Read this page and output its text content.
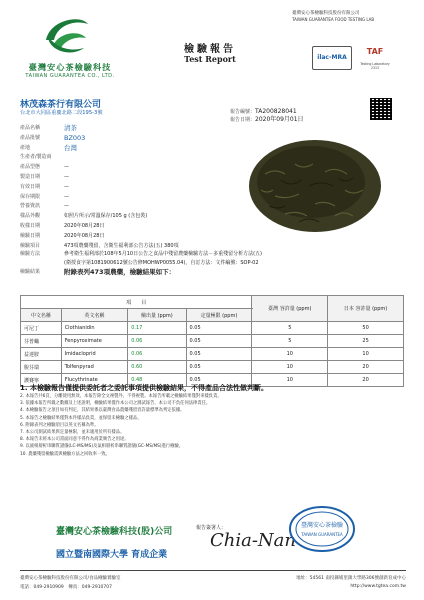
臺灣安心茶檢驗科技
TAIWAN GUARANTEA CO., LTD.
檢驗報告
Test Report
臺灣安心茶檢驗科技股份有限公司
TAIWAN GUARANTEA FOOD TESTING LAB
ilac-MRA
TAF
Testing Laboratory 2313
林茂森茶行有限公司
台北市大同區重慶北路二段195-3號	報告編號：TA200828041
報告日期：2020年09月01日
頁　　次：1/6
產品名稱	清茶
產品批號	BZ003
產地	台灣
生產者/製造商
產品型態	—
製造日期	—
有效日期	—
保存期限	—
營養資訊	—
樣品外觀	如照片所示/常溫保存/105 g (含包裝)
收樣日期	2020年08月28日
檢驗日期	2020年08月28日
檢驗項目	473項農藥殘留，含衛生福利部公告方法(五) 380項
檢驗方法	參考衛生福利部於108年5月10日公告之食品中殘留農藥檢驗方法－多重殘留分析方法(五)
(衛授食字第1081900612號公告修MOHWP0055.04)，自訂方法：文件編號：SOP-02
檢驗結果	附錄表列473項農藥，檢驗結果如下：
項　　目				臺灣 容許量 (ppm)	日本 容許量 (ppm)
中文名稱	英文名稱	檢出量 (ppm)	定量極限 (ppm)		
可尼丁	Clothianidin	0.17	0.05	5	50
芬普蟎	Fenpyroximate	0.06	0.05	5	25
益達胺	Imidacloprid	0.06	0.05	10	10
脫芬瑞	Tolfenpyrad	0.60	0.05	10	20
護賽寧	Flucythrinate	0.48	0.05	10	20
1. 本檢驗報告僅提供委託者之委託事項提供檢驗結果，不得產品合法性做判斷。
2. 本報告共6頁，分離使用無效。本報告除全文複製外，不得複製。本報告所載之檢驗結果僅對來樣負責。
3. 依據本報告所載之數據及上述說明，檢驗結果僅作本公司之測試報告，本公司不負任何法律責任。
4. 本檢驗報告之項目如有判定，其結果係以臺灣食品農藥殘留容許量標準為判定依據。
5. 本報告之檢驗結果僅對本件樣品負責，並保留未檢驗之樣品。
6. 附錄表列之檢驗項目以英文名稱為準。
7. 本公司測試結果與定量極限，並未適用於所有樣品。
8. 本報告未經本公司書面同意不得作為商業廣告之用途。
9. 以液相層析串聯質譜儀(LC-MS/MS)及氣相層析串聯質譜儀(GC-MS/MS)進行檢驗。
10. 農藥殘留檢驗需與檢驗方法之回收率一致。
臺灣安心茶檢驗科技(股)公司
國立暨南國際大學 育成企業
報告簽署人：
Chia-Nan
臺灣安心茶檢驗
TAIWAN GUARANTEA
臺灣安心茶檢驗科技股份有限公司/食品檢驗實驗室	地址：54561 南投縣埔里鎮大學路306號創新育成中心
電話：049-2910909　傳真：049-2910707	http://www.tgtea.com.tw
